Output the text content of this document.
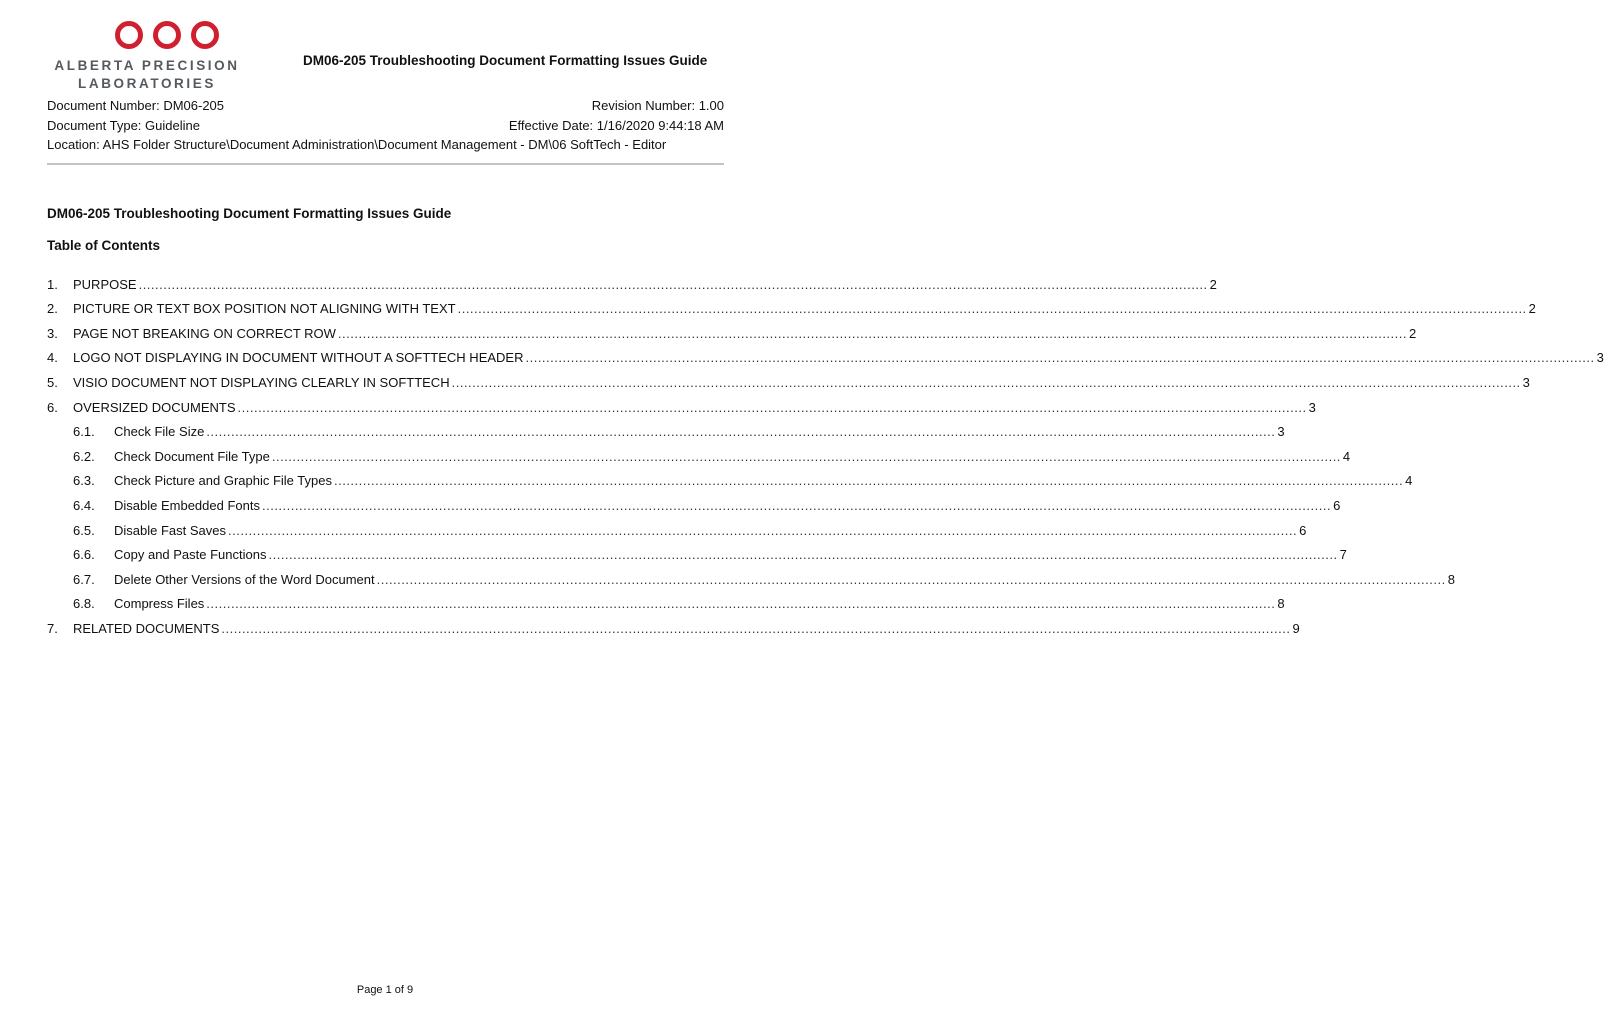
ALBERTA PRECISION
LABORATORIES
DM06-205 Troubleshooting Document Formatting Issues Guide
Document Number: DM06-205	Revision Number: 1.00
Document Type: Guideline	Effective Date: 1/16/2020 9:44:18 AM
Location: AHS Folder Structure\Document Administration\Document Management - DM\06 SoftTech - Editor
DM06-205 Troubleshooting Document Formatting Issues Guide
Table of Contents
1.	PURPOSE .................................................................................................................................................................................................................................................................... 2
2.	PICTURE OR TEXT BOX POSITION NOT ALIGNING WITH TEXT .................................................................................................................................................................................................................................................................... 2
3.	PAGE NOT BREAKING ON CORRECT ROW .................................................................................................................................................................................................................................................................... 2
4.	LOGO NOT DISPLAYING IN DOCUMENT WITHOUT A SOFTTECH HEADER .................................................................................................................................................................................................................................................................... 3
5.	VISIO DOCUMENT NOT DISPLAYING CLEARLY IN SOFTTECH .................................................................................................................................................................................................................................................................... 3
6.	OVERSIZED DOCUMENTS .................................................................................................................................................................................................................................................................... 3
6.1.	Check File Size .................................................................................................................................................................................................................................................................... 3
6.2.	Check Document File Type .................................................................................................................................................................................................................................................................... 4
6.3.	Check Picture and Graphic File Types .................................................................................................................................................................................................................................................................... 4
6.4.	Disable Embedded Fonts .................................................................................................................................................................................................................................................................... 6
6.5.	Disable Fast Saves .................................................................................................................................................................................................................................................................... 6
6.6.	Copy and Paste Functions .................................................................................................................................................................................................................................................................... 7
6.7.	Delete Other Versions of the Word Document .................................................................................................................................................................................................................................................................... 8
6.8.	Compress Files .................................................................................................................................................................................................................................................................... 8
7.	RELATED DOCUMENTS .................................................................................................................................................................................................................................................................... 9
Page 1 of 9
